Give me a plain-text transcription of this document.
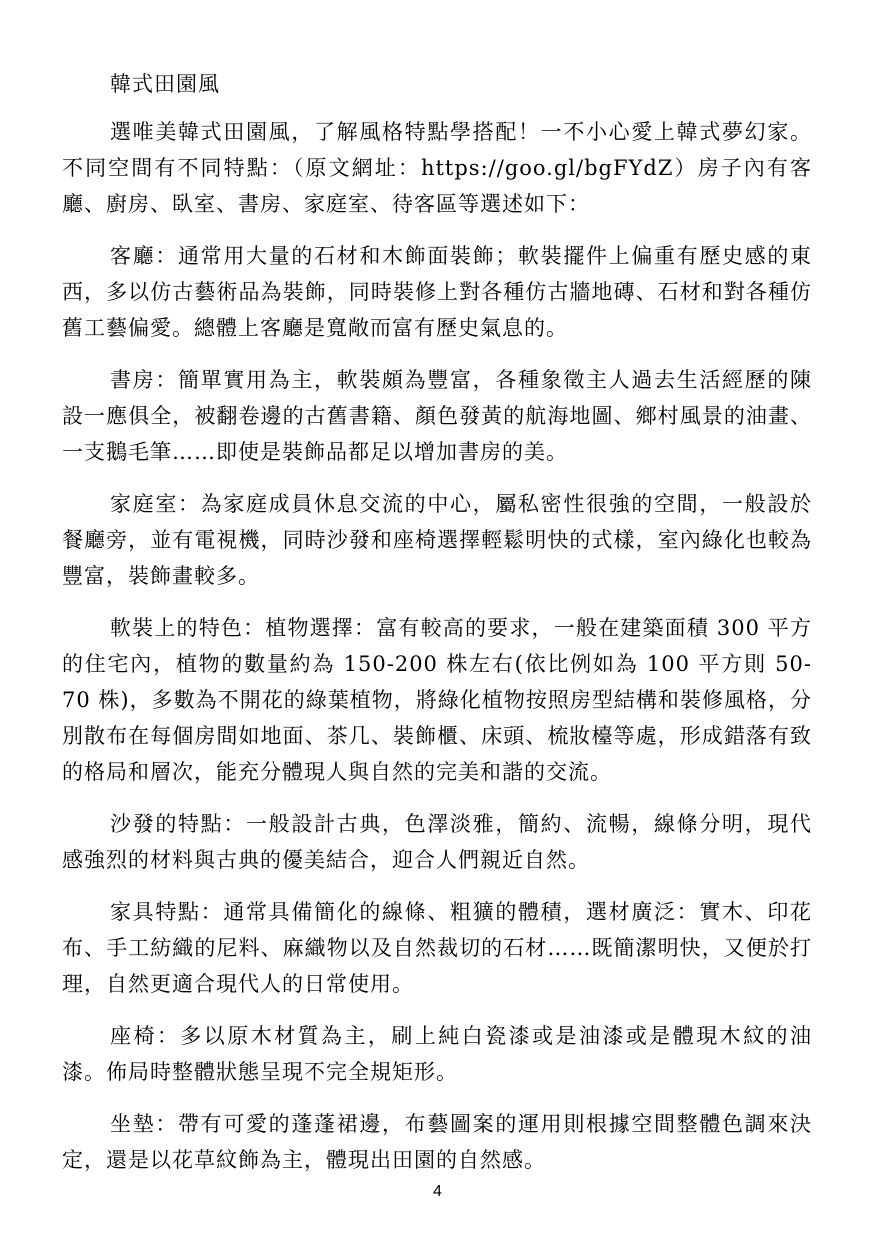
韓式田園風

選唯美韓式田園風，了解風格特點學搭配！一不小心愛上韓式夢幻家。不同空間有不同特點：（原文網址：https://goo.gl/bgFYdZ）房子內有客廳、廚房、臥室、書房、家庭室、待客區等選述如下：

客廳：通常用大量的石材和木飾面裝飾；軟裝擺件上偏重有歷史感的東西，多以仿古藝術品為裝飾，同時裝修上對各種仿古牆地磚、石材和對各種仿舊工藝偏愛。總體上客廳是寬敞而富有歷史氣息的。

書房：簡單實用為主，軟裝頗為豐富，各種象徵主人過去生活經歷的陳設一應俱全，被翻卷邊的古舊書籍、顏色發黃的航海地圖、鄉村風景的油畫、一支鵝毛筆……即使是裝飾品都足以增加書房的美。

家庭室：為家庭成員休息交流的中心，屬私密性很強的空間，一般設於餐廳旁，並有電視機，同時沙發和座椅選擇輕鬆明快的式樣，室內綠化也較為豐富，裝飾畫較多。

軟裝上的特色：植物選擇：富有較高的要求，一般在建築面積 300 平方的住宅內，植物的數量約為 150-200 株左右(依比例如為 100 平方則 50-70 株)，多數為不開花的綠葉植物，將綠化植物按照房型結構和裝修風格，分別散布在每個房間如地面、茶几、裝飾櫃、床頭、梳妝檯等處，形成錯落有致的格局和層次，能充分體現人與自然的完美和諧的交流。

沙發的特點：一般設計古典，色澤淡雅，簡約、流暢，線條分明，現代感強烈的材料與古典的優美結合，迎合人們親近自然。

家具特點：通常具備簡化的線條、粗獷的體積，選材廣泛：實木、印花布、手工紡織的尼料、麻織物以及自然裁切的石材……既簡潔明快，又便於打理，自然更適合現代人的日常使用。

座椅：多以原木材質為主，刷上純白瓷漆或是油漆或是體現木紋的油漆。佈局時整體狀態呈現不完全規矩形。

坐墊：帶有可愛的蓬蓬裙邊，布藝圖案的運用則根據空間整體色調來決定，還是以花草紋飾為主，體現出田園的自然感。

4
